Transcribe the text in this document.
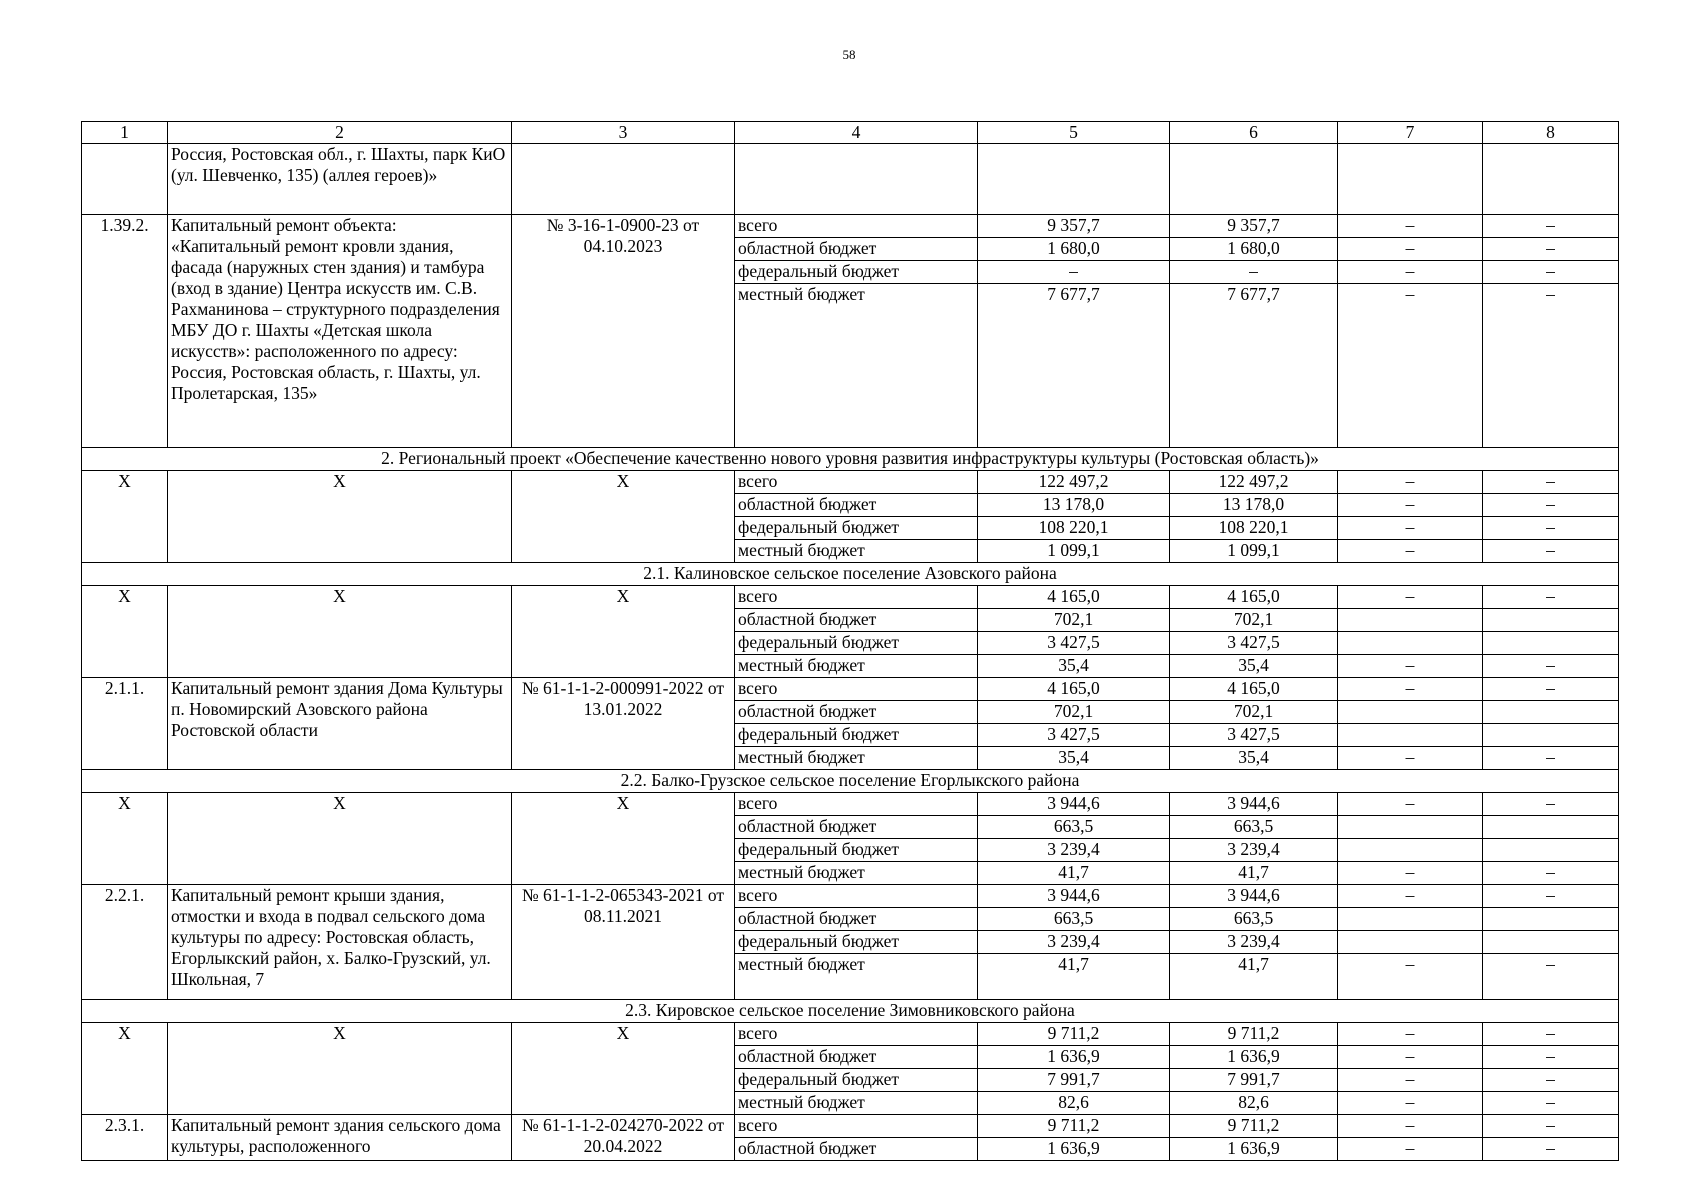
58
1	2	3	4	5	6	7	8
	Россия, Ростовская обл., г. Шахты, парк КиО (ул. Шевченко, 135) (аллея героев)»						
1.39.2.	Капитальный ремонт объекта: «Капитальный ремонт кровли здания, фасада (наружных стен здания) и тамбура (вход в здание) Центра искусств им. С.В. Рахманинова – структурного подразделения МБУ ДО г. Шахты «Детская школа искусств»: расположенного по адресу: Россия, Ростовская область, г. Шахты, ул. Пролетарская, 135»	№ 3-16-1-0900-23 от 04.10.2023	всего	9 357,7	9 357,7	–	–
			областной бюджет	1 680,0	1 680,0	–	–
			федеральный бюджет	–	–	–	–
			местный бюджет	7 677,7	7 677,7	–	–
2. Региональный проект «Обеспечение качественно нового уровня развития инфраструктуры культуры (Ростовская область)»							
Х	Х	Х	всего	122 497,2	122 497,2	–	–
			областной бюджет	13 178,0	13 178,0	–	–
			федеральный бюджет	108 220,1	108 220,1	–	–
			местный бюджет	1 099,1	1 099,1	–	–
2.1. Калиновское сельское поселение Азовского района							
Х	Х	Х	всего	4 165,0	4 165,0	–	–
			областной бюджет	702,1	702,1		
			федеральный бюджет	3 427,5	3 427,5		
			местный бюджет	35,4	35,4	–	–
2.1.1.	Капитальный ремонт здания Дома Культуры п. Новомирский Азовского района Ростовской области	№ 61-1-1-2-000991-2022 от 13.01.2022	всего	4 165,0	4 165,0	–	–
			областной бюджет	702,1	702,1		
			федеральный бюджет	3 427,5	3 427,5		
			местный бюджет	35,4	35,4	–	–
2.2. Балко-Грузское сельское поселение Егорлыкского района							
Х	Х	Х	всего	3 944,6	3 944,6	–	–
			областной бюджет	663,5	663,5		
			федеральный бюджет	3 239,4	3 239,4		
			местный бюджет	41,7	41,7	–	–
2.2.1.	Капитальный ремонт крыши здания, отмостки и входа в подвал сельского дома культуры по адресу: Ростовская область, Егорлыкский район, х. Балко-Грузский, ул. Школьная, 7	№ 61-1-1-2-065343-2021 от 08.11.2021	всего	3 944,6	3 944,6	–	–
			областной бюджет	663,5	663,5		
			федеральный бюджет	3 239,4	3 239,4		
			местный бюджет	41,7	41,7	–	–
2.3. Кировское сельское поселение Зимовниковского района							
Х	Х	Х	всего	9 711,2	9 711,2	–	–
			областной бюджет	1 636,9	1 636,9	–	–
			федеральный бюджет	7 991,7	7 991,7	–	–
			местный бюджет	82,6	82,6	–	–
2.3.1.	Капитальный ремонт здания сельского дома культуры, расположенного	№ 61-1-1-2-024270-2022 от 20.04.2022	всего	9 711,2	9 711,2	–	–
			областной бюджет	1 636,9	1 636,9	–	–
